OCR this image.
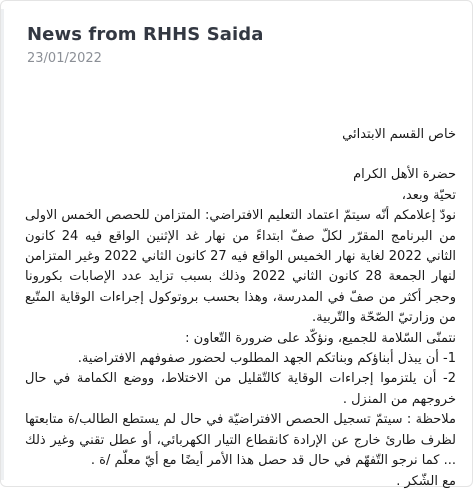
News from RHHS Saida
23/01/2022

خاص القسم الابتدائي

حضرة الأهل الكرام

تحيّة وبعد،

نودّ إعلامكم أنّه سيتمّ اعتماد التعليم الافتراضي: المتزامن للحصص الخمس الاولى من البرنامج المقرّر لكلّ صفّ ابتداءً من نهار غد الإثنين الواقع فيه 24 كانون الثاني 2022 لغاية نهار الخميس الواقع فيه 27 كانون الثاني 2022 وغير المتزامن لنهار الجمعة 28 كانون الثاني 2022 وذلك بسبب تزايد عدد الإصابات بكورونا وحجر أكثر من صفّ في المدرسة، وهذا بحسب بروتوكول إجراءات الوقاية المتّبع من وزارتيّ الصّحّة والتّربية.

نتمنّى السّلامة للجميع، ونؤكّد على ضرورة التّعاون :

1- أن يبذل أبناؤكم وبناتكم الجهد المطلوب لحضور صفوفهم الافتراضية.

2- أن يلتزموا إجراءات الوقاية كالتّقليل من الاختلاط، ووضع الكمامة في حال خروجهم من المنزل .

ملاحظة : سيتمّ تسجيل الحصص الافتراضيّة في حال لم يستطع الطالب/ة متابعتها لظرف طارئ خارج عن الإرادة كانقطاع التيار الكهربائي، أو عطل تقني وغير ذلك ... كما نرجو التّفهّم في حال قد حصل هذا الأمر أيضًا مع أيّ معلّم /ة .

مع الشّكر .
